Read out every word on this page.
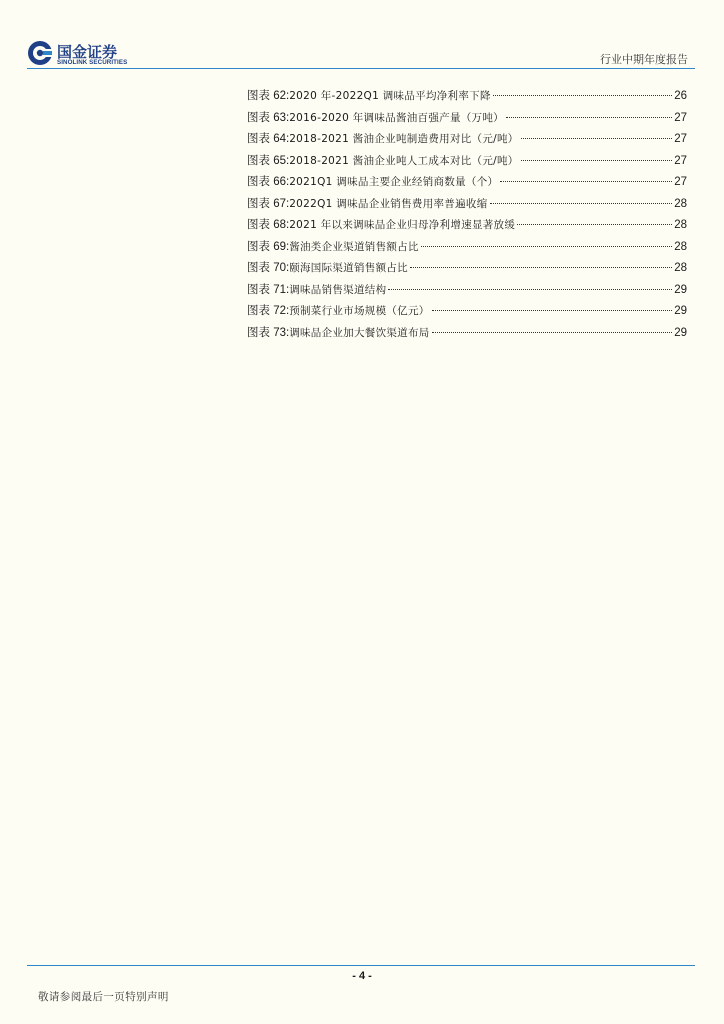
国金证券
SINOLINK SECURITIES	行业中期年度报告
图表 62: 2020 年-2022Q1 调味品平均净利率下降	26
图表 63: 2016-2020 年调味品酱油百强产量（万吨）	27
图表 64: 2018-2021 酱油企业吨制造费用对比（元/吨）	27
图表 65: 2018-2021 酱油企业吨人工成本对比（元/吨）	27
图表 66: 2021Q1 调味品主要企业经销商数量（个）	27
图表 67: 2022Q1 调味品企业销售费用率普遍收缩	28
图表 68: 2021 年以来调味品企业归母净利增速显著放缓	28
图表 69: 酱油类企业渠道销售额占比	28
图表 70: 颐海国际渠道销售额占比	28
图表 71: 调味品销售渠道结构	29
图表 72: 预制菜行业市场规模（亿元）	29
图表 73: 调味品企业加大餐饮渠道布局	29
- 4 -
敬请参阅最后一页特别声明
